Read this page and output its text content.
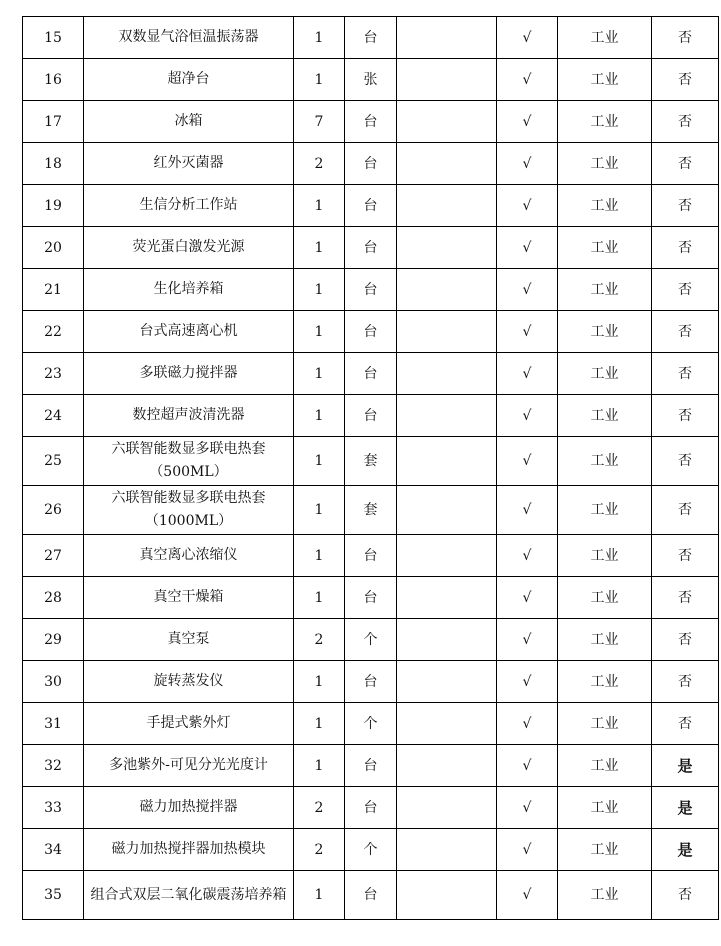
15	双数显气浴恒温振荡器	1	台		√	工业	否
16	超净台	1	张		√	工业	否
17	冰箱	7	台		√	工业	否
18	红外灭菌器	2	台		√	工业	否
19	生信分析工作站	1	台		√	工业	否
20	荧光蛋白激发光源	1	台		√	工业	否
21	生化培养箱	1	台		√	工业	否
22	台式高速离心机	1	台		√	工业	否
23	多联磁力搅拌器	1	台		√	工业	否
24	数控超声波清洗器	1	台		√	工业	否
25	六联智能数显多联电热套（500ML）	1	套		√	工业	否
26	六联智能数显多联电热套（1000ML）	1	套		√	工业	否
27	真空离心浓缩仪	1	台		√	工业	否
28	真空干燥箱	1	台		√	工业	否
29	真空泵	2	个		√	工业	否
30	旋转蒸发仪	1	台		√	工业	否
31	手提式紫外灯	1	个		√	工业	否
32	多池紫外-可见分光光度计	1	台		√	工业	是
33	磁力加热搅拌器	2	台		√	工业	是
34	磁力加热搅拌器加热模块	2	个		√	工业	是
35	组合式双层二氧化碳震荡培养箱	1	台		√	工业	否
